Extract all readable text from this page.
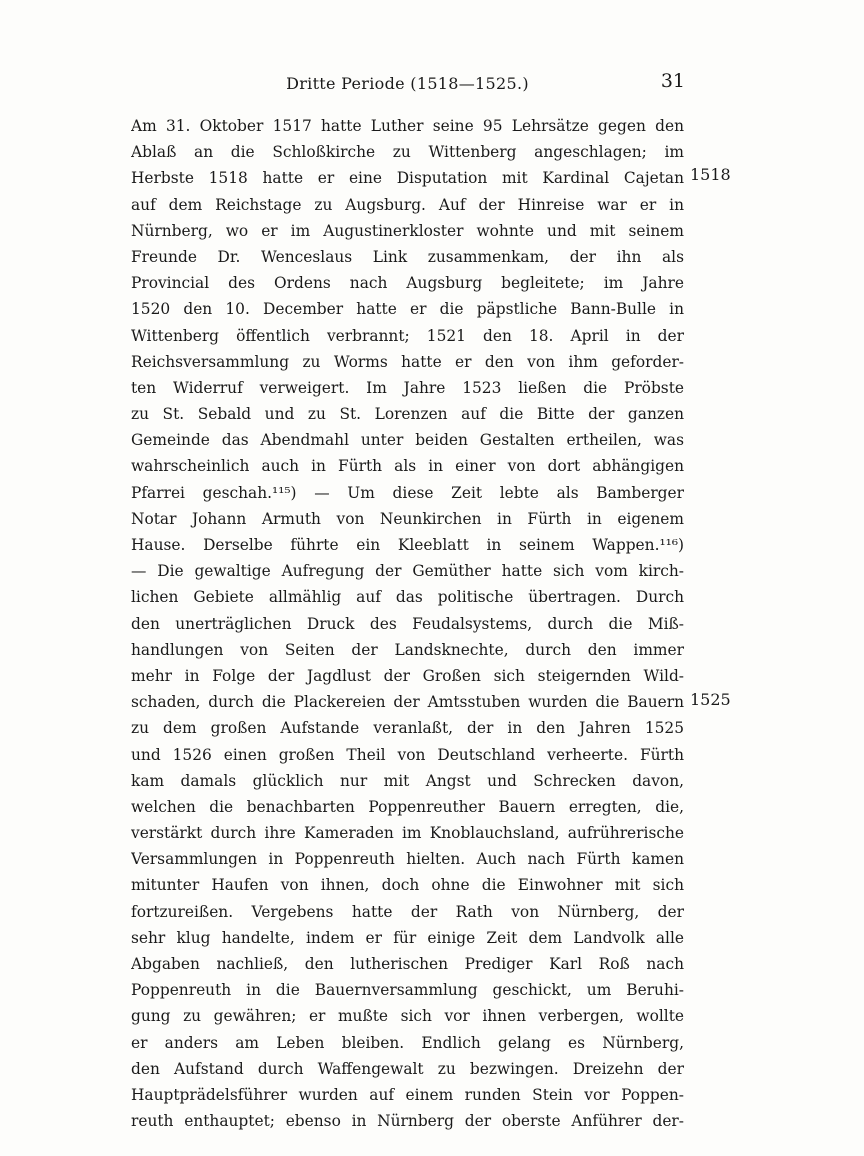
Dritte Periode (1518—1525.)	31
1518
1525
Am 31. Oktober 1517 hatte Luther seine 95 Lehrsätze gegen den
Ablaß an die Schloßkirche zu Wittenberg angeschlagen; im
Herbste 1518 hatte er eine Disputation mit Kardinal Cajetan
auf dem Reichstage zu Augsburg. Auf der Hinreise war er in
Nürnberg, wo er im Augustinerkloster wohnte und mit seinem
Freunde Dr. Wenceslaus Link zusammenkam, der ihn als
Provincial des Ordens nach Augsburg begleitete; im Jahre
1520 den 10. December hatte er die päpstliche Bann-Bulle in
Wittenberg öffentlich verbrannt; 1521 den 18. April in der
Reichsversammlung zu Worms hatte er den von ihm geforder-
ten Widerruf verweigert. Im Jahre 1523 ließen die Pröbste
zu St. Sebald und zu St. Lorenzen auf die Bitte der ganzen
Gemeinde das Abendmahl unter beiden Gestalten ertheilen, was
wahrscheinlich auch in Fürth als in einer von dort abhängigen
Pfarrei geschah.¹¹⁵) — Um diese Zeit lebte als Bamberger
Notar Johann Armuth von Neunkirchen in Fürth in eigenem
Hause. Derselbe führte ein Kleeblatt in seinem Wappen.¹¹⁶)
— Die gewaltige Aufregung der Gemüther hatte sich vom kirch-
lichen Gebiete allmählig auf das politische übertragen. Durch
den unerträglichen Druck des Feudalsystems, durch die Miß-
handlungen von Seiten der Landsknechte, durch den immer
mehr in Folge der Jagdlust der Großen sich steigernden Wild-
schaden, durch die Plackereien der Amtsstuben wurden die Bauern
zu dem großen Aufstande veranlaßt, der in den Jahren 1525
und 1526 einen großen Theil von Deutschland verheerte. Fürth
kam damals glücklich nur mit Angst und Schrecken davon,
welchen die benachbarten Poppenreuther Bauern erregten, die,
verstärkt durch ihre Kameraden im Knoblauchsland, aufrührerische
Versammlungen in Poppenreuth hielten. Auch nach Fürth kamen
mitunter Haufen von ihnen, doch ohne die Einwohner mit sich
fortzureißen. Vergebens hatte der Rath von Nürnberg, der
sehr klug handelte, indem er für einige Zeit dem Landvolk alle
Abgaben nachließ, den lutherischen Prediger Karl Roß nach
Poppenreuth in die Bauernversammlung geschickt, um Beruhi-
gung zu gewähren; er mußte sich vor ihnen verbergen, wollte
er anders am Leben bleiben. Endlich gelang es Nürnberg,
den Aufstand durch Waffengewalt zu bezwingen. Dreizehn der
Hauptprädelsführer wurden auf einem runden Stein vor Poppen-
reuth enthauptet; ebenso in Nürnberg der oberste Anführer der-
